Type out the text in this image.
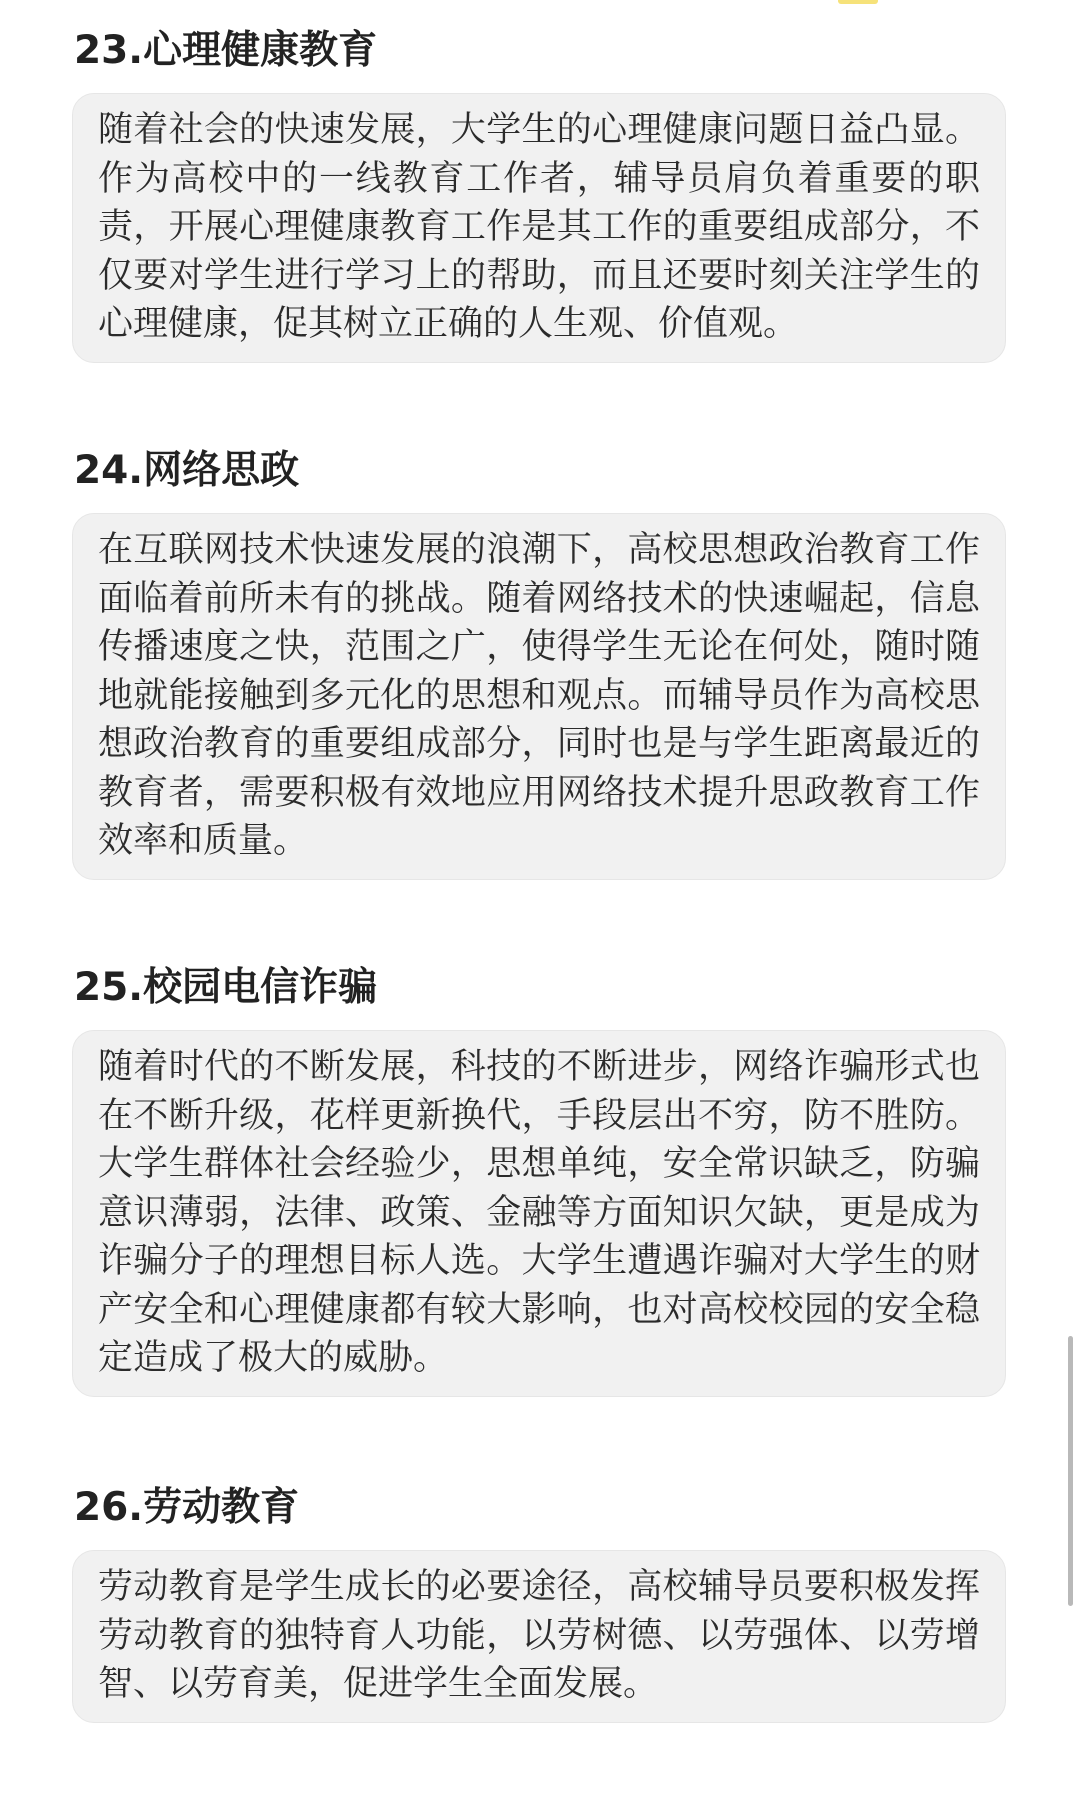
23.心理健康教育

随着社会的快速发展，大学生的心理健康问题日益凸显。作为高校中的一线教育工作者，辅导员肩负着重要的职责，开展心理健康教育工作是其工作的重要组成部分，不仅要对学生进行学习上的帮助，而且还要时刻关注学生的心理健康，促其树立正确的人生观、价值观。

24.网络思政

在互联网技术快速发展的浪潮下，高校思想政治教育工作面临着前所未有的挑战。随着网络技术的快速崛起，信息传播速度之快，范围之广，使得学生无论在何处，随时随地就能接触到多元化的思想和观点。而辅导员作为高校思想政治教育的重要组成部分，同时也是与学生距离最近的教育者，需要积极有效地应用网络技术提升思政教育工作效率和质量。

25.校园电信诈骗

随着时代的不断发展，科技的不断进步，网络诈骗形式也在不断升级，花样更新换代，手段层出不穷，防不胜防。大学生群体社会经验少，思想单纯，安全常识缺乏，防骗意识薄弱，法律、政策、金融等方面知识欠缺，更是成为诈骗分子的理想目标人选。大学生遭遇诈骗对大学生的财产安全和心理健康都有较大影响，也对高校校园的安全稳定造成了极大的威胁。

26.劳动教育

劳动教育是学生成长的必要途径，高校辅导员要积极发挥劳动教育的独特育人功能，以劳树德、以劳强体、以劳增智、以劳育美，促进学生全面发展。
